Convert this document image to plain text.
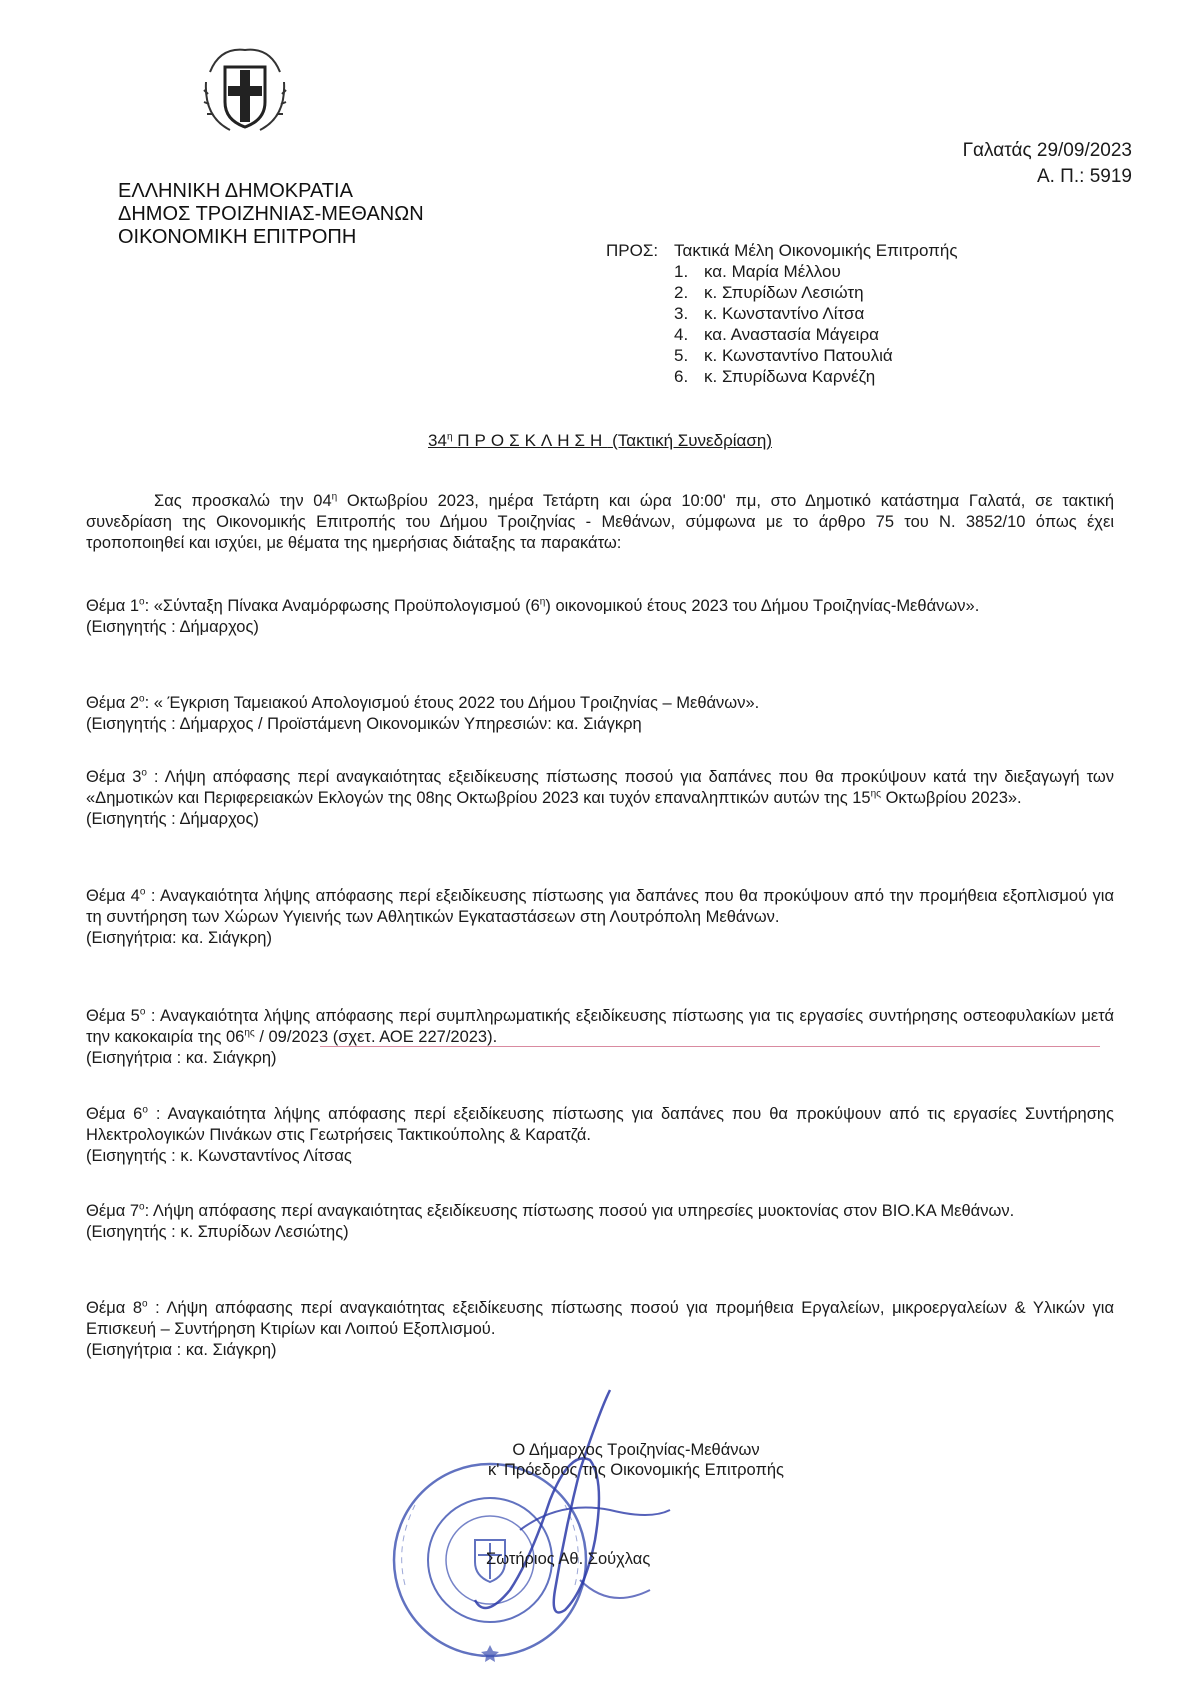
ΕΛΛΗΝΙΚΗ ΔΗΜΟΚΡΑΤΙΑ
ΔΗΜΟΣ ΤΡΟΙΖΗΝΙΑΣ-ΜΕΘΑΝΩΝ
ΟΙΚΟΝΟΜΙΚΗ ΕΠΙΤΡΟΠΗ
Γαλατάς 29/09/2023
Α. Π.: 5919
ΠΡΟΣ: Τακτικά Μέλη Οικονομικής Επιτροπής
1. κα. Μαρία Μέλλου
2. κ. Σπυρίδων Λεσιώτη
3. κ. Κωνσταντίνο Λίτσα
4. κα. Αναστασία Μάγειρα
5. κ. Κωνσταντίνο Πατουλιά
6. κ. Σπυρίδωνα Καρνέζη
$34^\eta$ ΠΡΟΣΚΛΗΣΗ (Τακτική Συνεδρίαση)
Σας προσκαλώ την $04^\eta$ Οκτωβρίου 2023, ημέρα Τετάρτη και ώρα 10:00' πμ, στο Δημοτικό κατάστημα Γαλατά, σε τακτική συνεδρίαση της Οικονομικής Επιτροπής του Δήμου Τροιζηνίας - Μεθάνων, σύμφωνα με το άρθρο 75 του Ν. 3852/10 όπως έχει τροποποιηθεί και ισχύει, με θέματα της ημερήσιας διάταξης τα παρακάτω:
Θέμα $1^o$: «Σύνταξη Πίνακα Αναμόρφωσης Προϋπολογισμού $(6^\eta)$ οικονομικού έτους 2023 του Δήμου Τροιζηνίας-Μεθάνων».
(Εισηγητής : Δήμαρχος)
Θέμα $2^o$: « Έγκριση Ταμειακού Απολογισμού έτους 2022 του Δήμου Τροιζηνίας – Μεθάνων».
(Εισηγητής : Δήμαρχος / Προϊστάμενη Οικονομικών Υπηρεσιών: κα. Σιάγκρη
Θέμα $3^o$ : Λήψη απόφασης περί αναγκαιότητας εξειδίκευσης πίστωσης ποσού για δαπάνες που θα προκύψουν κατά την διεξαγωγή των «Δημοτικών και Περιφερειακών Εκλογών της 08ης Οκτωβρίου 2023 και τυχόν επαναληπτικών αυτών της $15^{\eta\varsigma}$ Οκτωβρίου 2023».
(Εισηγητής : Δήμαρχος)
Θέμα $4^o$ : Αναγκαιότητα λήψης απόφασης περί εξειδίκευσης πίστωσης για δαπάνες που θα προκύψουν από την προμήθεια εξοπλισμού για τη συντήρηση των Χώρων Υγιεινής των Αθλητικών Εγκαταστάσεων στη Λουτρόπολη Μεθάνων.
(Εισηγήτρια: κα. Σιάγκρη)
Θέμα $5^o$ : Αναγκαιότητα λήψης απόφασης περί συμπληρωματικής εξειδίκευσης πίστωσης για τις εργασίες συντήρησης οστεοφυλακίων μετά την κακοκαιρία της $06^{\eta\varsigma} / 09/2023$ (σχετ. ΑΟΕ 227/2023).
(Εισηγήτρια : κα. Σιάγκρη)
Θέμα $6^o$ : Αναγκαιότητα λήψης απόφασης περί εξειδίκευσης πίστωσης για δαπάνες που θα προκύψουν από τις εργασίες Συντήρησης Ηλεκτρολογικών Πινάκων στις Γεωτρήσεις Τακτικούπολης & Καρατζά.
(Εισηγητής : κ. Κωνσταντίνος Λίτσας
Θέμα $7^o$: Λήψη απόφασης περί αναγκαιότητας εξειδίκευσης πίστωσης ποσού για υπηρεσίες μυοκτονίας στον ΒΙΟ.ΚΑ Μεθάνων.
(Εισηγητής : κ. Σπυρίδων Λεσιώτης)
Θέμα $8^o$ : Λήψη απόφασης περί αναγκαιότητας εξειδίκευσης πίστωσης ποσού για προμήθεια Εργαλείων, μικροεργαλείων & Υλικών για Επισκευή – Συντήρηση Κτιρίων και Λοιπού Εξοπλισμού.
(Εισηγήτρια : κα. Σιάγκρη)
Ο Δήμαρχος Τροιζηνίας-Μεθάνων
κ' Πρόεδρος της Οικονομικής Επιτροπής
Σωτήριος Αθ. Σούχλας
